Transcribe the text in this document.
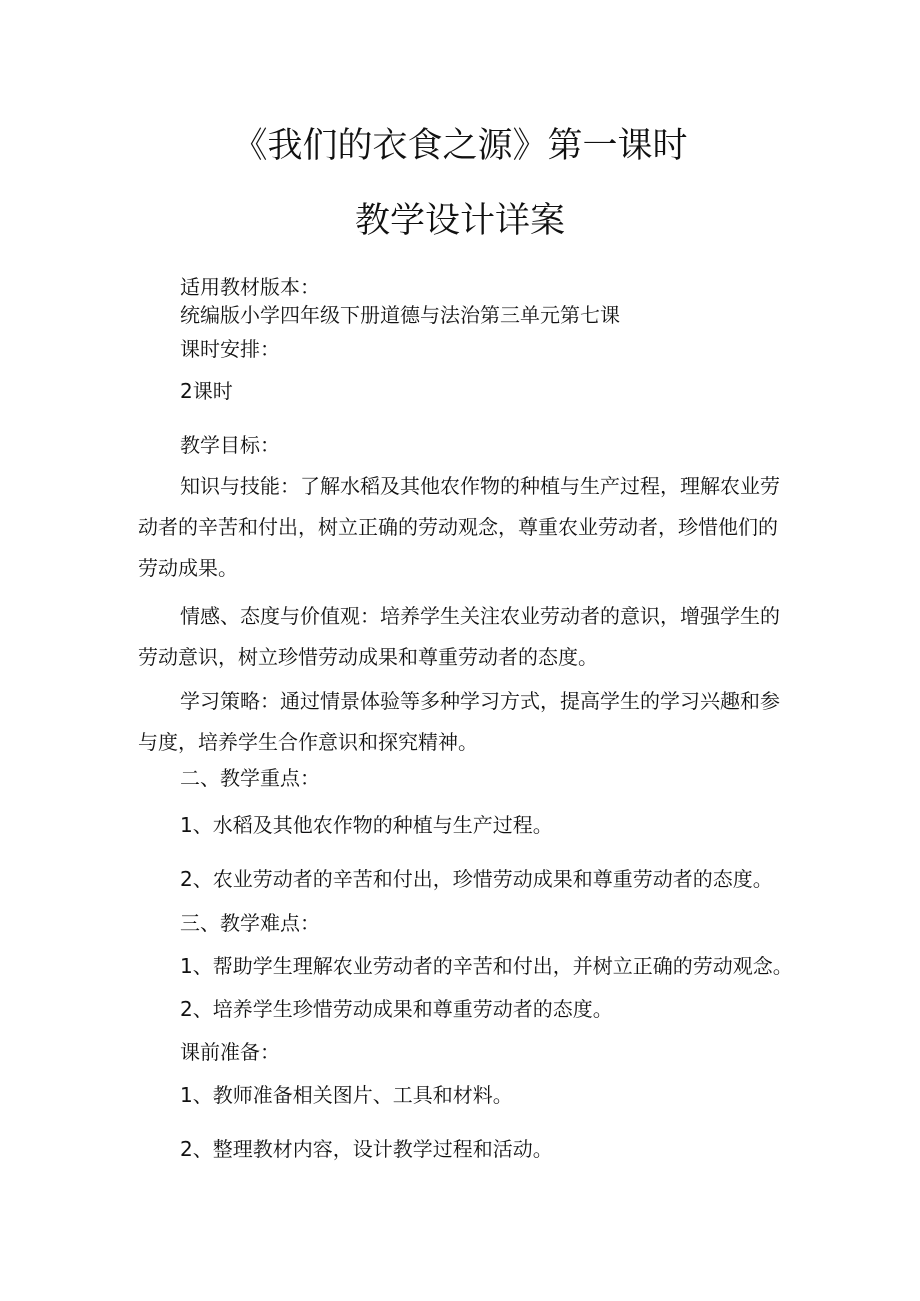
《我们的衣食之源》第一课时
教学设计详案

适用教材版本：

统编版小学四年级下册道德与法治第三单元第七课

课时安排：

2课时

教学目标：

知识与技能：了解水稻及其他农作物的种植与生产过程，理解农业劳动者的辛苦和付出，树立正确的劳动观念，尊重农业劳动者，珍惜他们的劳动成果。

情感、态度与价值观：培养学生关注农业劳动者的意识，增强学生的劳动意识，树立珍惜劳动成果和尊重劳动者的态度。

学习策略：通过情景体验等多种学习方式，提高学生的学习兴趣和参与度，培养学生合作意识和探究精神。

二、教学重点：

1、水稻及其他农作物的种植与生产过程。

2、农业劳动者的辛苦和付出，珍惜劳动成果和尊重劳动者的态度。

三、教学难点：

1、帮助学生理解农业劳动者的辛苦和付出，并树立正确的劳动观念。

2、培养学生珍惜劳动成果和尊重劳动者的态度。

课前准备：

1、教师准备相关图片、工具和材料。

2、整理教材内容，设计教学过程和活动。
